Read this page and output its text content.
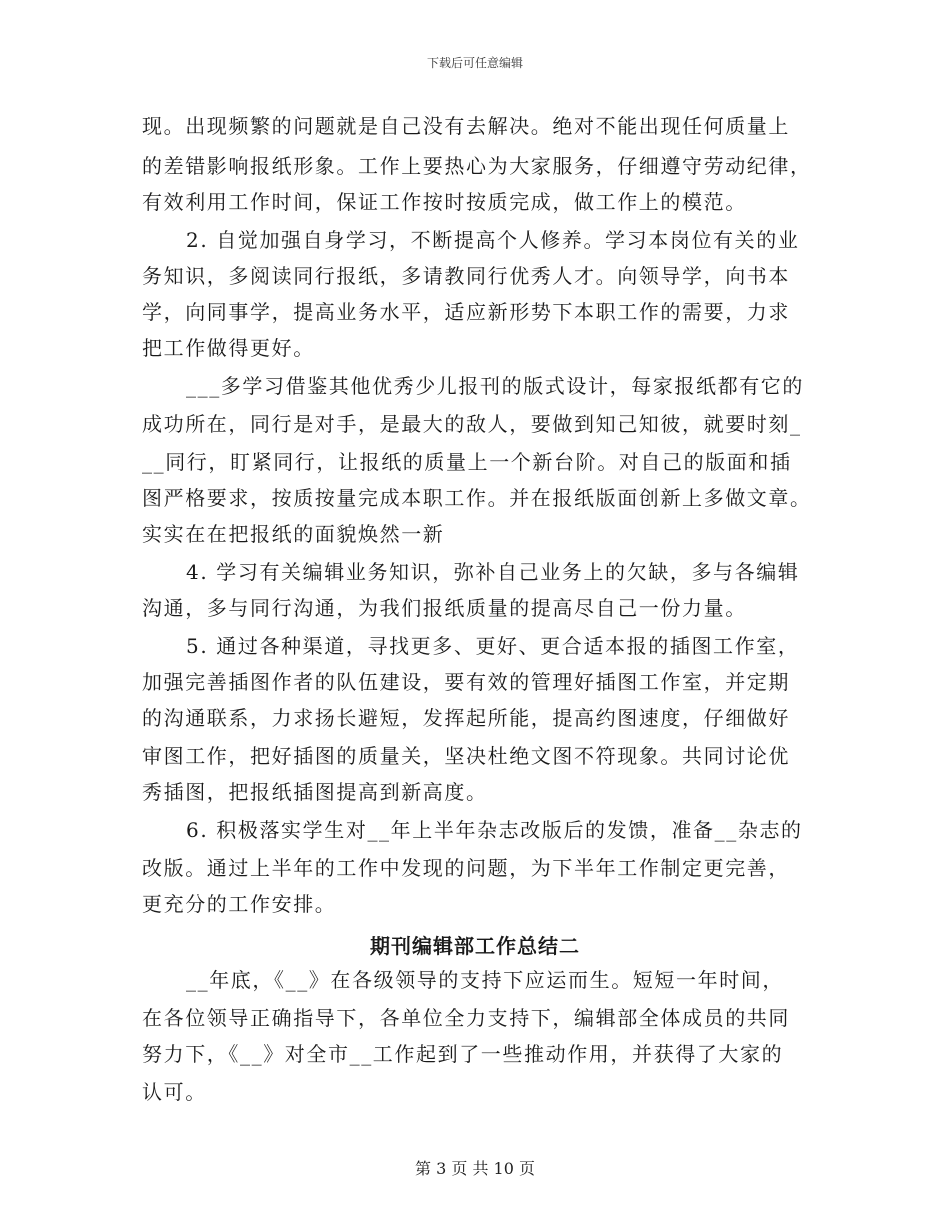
下载后可任意编辑
现。出现频繁的问题就是自己没有去解决。绝对不能出现任何质量上
的差错影响报纸形象。工作上要热心为大家服务，仔细遵守劳动纪律，
有效利用工作时间，保证工作按时按质完成，做工作上的模范。
2. 自觉加强自身学习，不断提高个人修养。学习本岗位有关的业
务知识，多阅读同行报纸，多请教同行优秀人才。向领导学，向书本
学，向同事学，提高业务水平，适应新形势下本职工作的需要，力求
把工作做得更好。
___多学习借鉴其他优秀少儿报刊的版式设计，每家报纸都有它的
成功所在，同行是对手，是最大的敌人，要做到知己知彼，就要时刻_
__同行，盯紧同行，让报纸的质量上一个新台阶。对自己的版面和插
图严格要求，按质按量完成本职工作。并在报纸版面创新上多做文章。
实实在在把报纸的面貌焕然一新
4. 学习有关编辑业务知识，弥补自己业务上的欠缺，多与各编辑
沟通，多与同行沟通，为我们报纸质量的提高尽自己一份力量。
5. 通过各种渠道，寻找更多、更好、更合适本报的插图工作室，
加强完善插图作者的队伍建设，要有效的管理好插图工作室，并定期
的沟通联系，力求扬长避短，发挥起所能，提高约图速度，仔细做好
审图工作，把好插图的质量关，坚决杜绝文图不符现象。共同讨论优
秀插图，把报纸插图提高到新高度。
6. 积极落实学生对__年上半年杂志改版后的发馈，准备__杂志的
改版。通过上半年的工作中发现的问题，为下半年工作制定更完善，
更充分的工作安排。
期刊编辑部工作总结二
__年底，《__》在各级领导的支持下应运而生。短短一年时间，
在各位领导正确指导下，各单位全力支持下，编辑部全体成员的共同
努力下，《__》对全市__工作起到了一些推动作用，并获得了大家的
认可。
第 3 页 共 10 页
